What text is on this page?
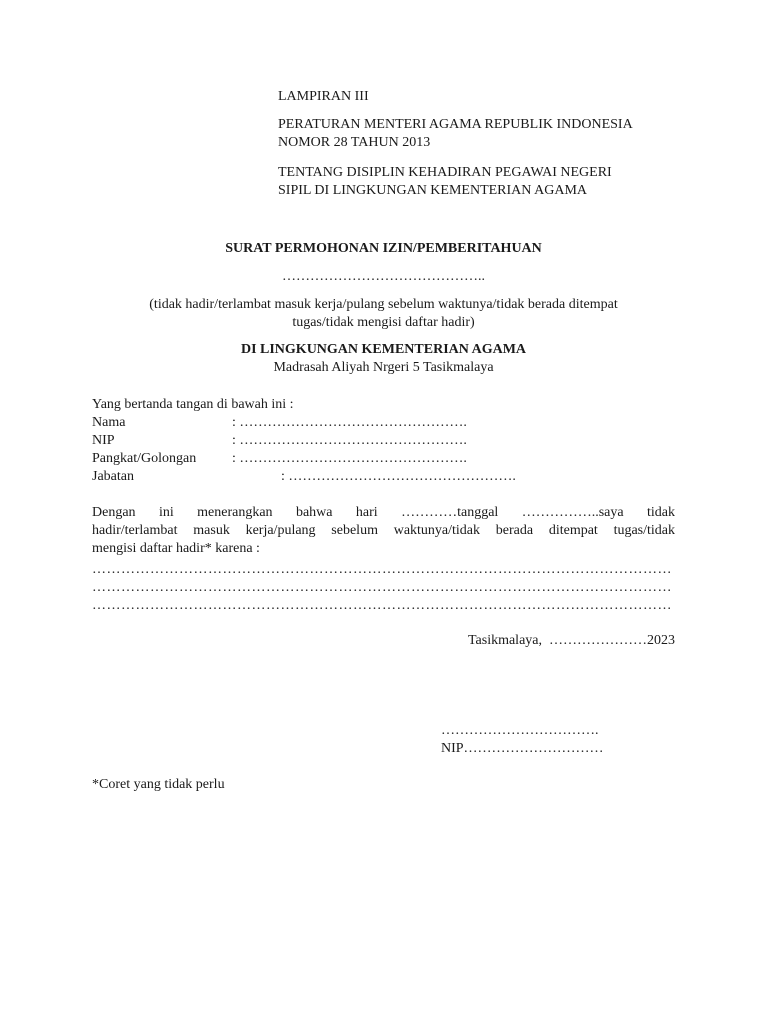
LAMPIRAN III
PERATURAN MENTERI AGAMA REPUBLIK INDONESIA
NOMOR 28 TAHUN 2013
TENTANG DISIPLIN KEHADIRAN PEGAWAI NEGERI
SIPIL DI LINGKUNGAN KEMENTERIAN AGAMA
SURAT PERMOHONAN IZIN/PEMBERITAHUAN
……………………………………..
(tidak hadir/terlambat masuk kerja/pulang sebelum waktunya/tidak berada ditempat
tugas/tidak mengisi daftar hadir)
DI LINGKUNGAN KEMENTERIAN AGAMA
Madrasah Aliyah Nrgeri 5 Tasikmalaya
Yang bertanda tangan di bawah ini :
Nama	: ………………………………………….
NIP	: ………………………………………….
Pangkat/Golongan	: ………………………………………….
Jabatan	: ………………………………………….
Dengan   ini   menerangkan   bahwa   hari   …………tanggal   ……………..saya   tidak
hadir/terlambat  masuk  kerja/pulang  sebelum  waktunya/tidak  berada  ditempat  tugas/tidak
mengisi daftar hadir* karena :
…………………………………………………………………………………………………………
…………………………………………………………………………………………………………
…………………………………………………………………………………………………………
Tasikmalaya,  …………………2023
…………………………….
NIP…………………………
*Coret yang tidak perlu
